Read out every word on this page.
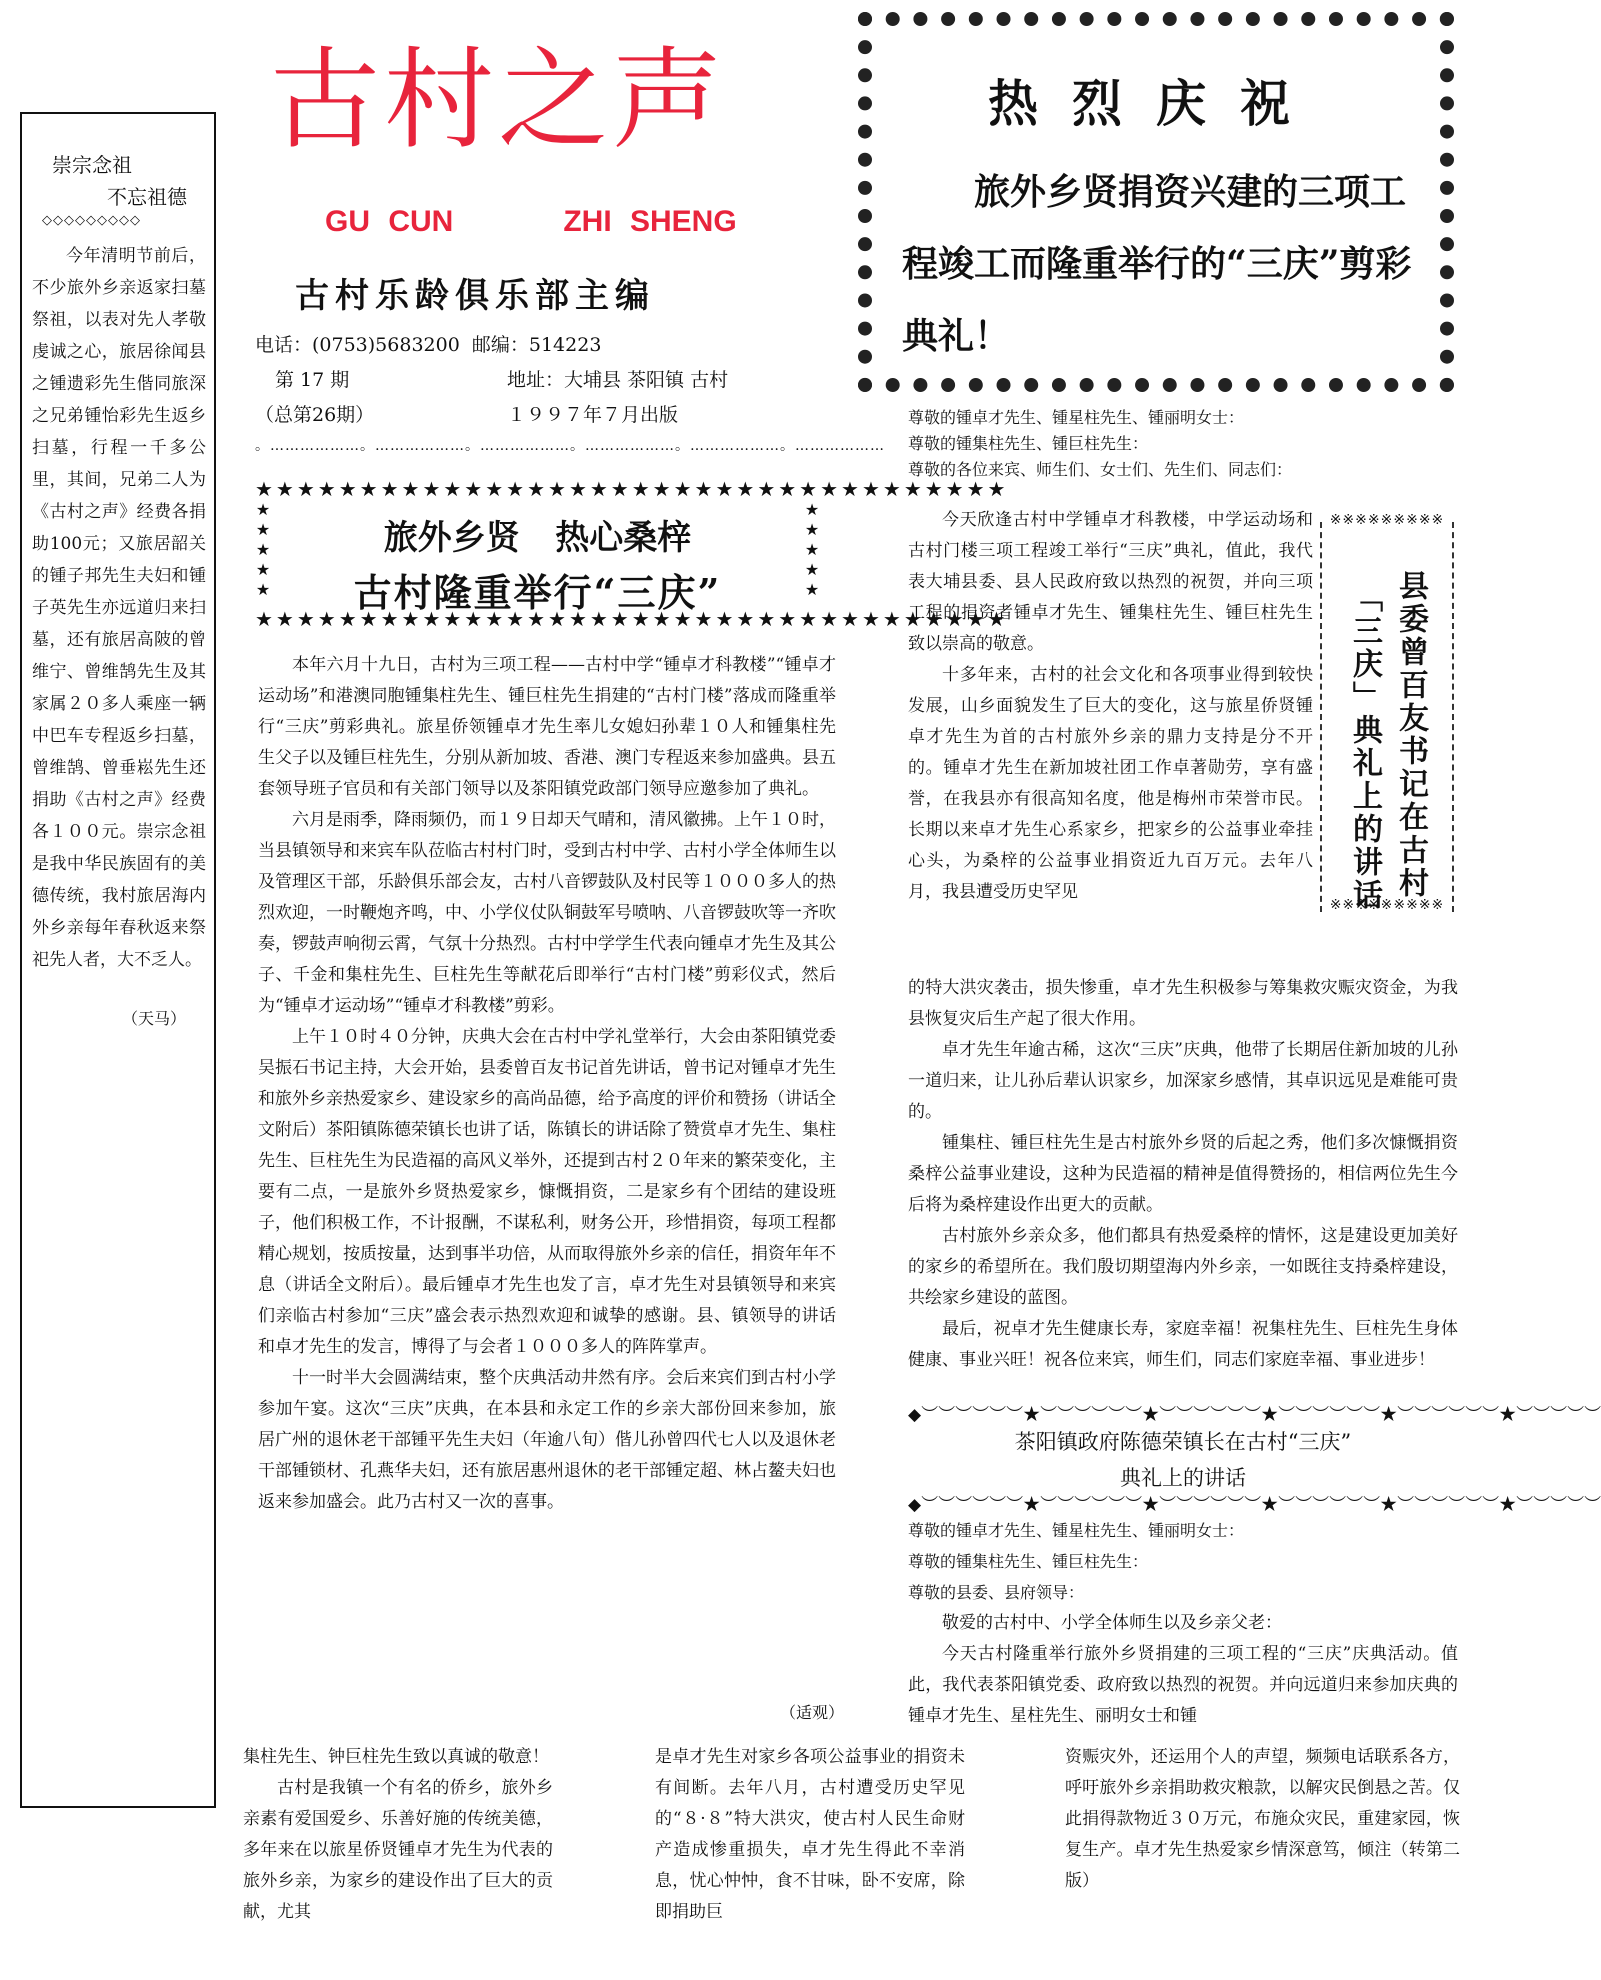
崇宗念祖
不忘祖德
◇◇◇◇◇◇◇◇◇

今年清明节前后，不少旅外乡亲返家扫墓祭祖，以表对先人孝敬虔诚之心，旅居徐闻县之锺遗彩先生偕同旅深之兄弟锺怡彩先生返乡扫墓，行程一千多公里，其间，兄弟二人为《古村之声》经费各捐助100元；又旅居韶关的锺子邦先生夫妇和锺子英先生亦远道归来扫墓，还有旅居高陂的曾维宁、曾维鹄先生及其家属２０多人乘座一辆中巴车专程返乡扫墓，曾维鹄、曾垂崧先生还捐助《古村之声》经费各１００元。崇宗念祖是我中华民族固有的美德传统，我村旅居海内外乡亲每年春秋返来祭祀先人者，大不乏人。

（天马）
古村之声
GU CUN      ZHI SHENG
古村乐龄俱乐部主编
电话：(0753)5683200  邮编：514223
第 17 期	地址：大埔县 茶阳镇 古村
（总第26期）	１９９７年７月出版
。………………。………………。………………。………………。………………。………………
★★★★★★★★★★★★★★★★★★★★★★★★★★★★★★★★★★★★
★★★★★★★★★★★★★★★★★★★★★★★★★★★★★★★★★★★★
★
★
★
★
★
★
★
★
★
★
旅外乡贤   热心桑梓
古村隆重举行“三庆”

本年六月十九日，古村为三项工程——古村中学“锺卓才科教楼”“锺卓才运动场”和港澳同胞锺集柱先生、锺巨柱先生捐建的“古村门楼”落成而隆重举行“三庆”剪彩典礼。旅星侨领锺卓才先生率儿女媳妇孙辈１０人和锺集柱先生父子以及锺巨柱先生，分别从新加坡、香港、澳门专程返来参加盛典。县五套领导班子官员和有关部门领导以及茶阳镇党政部门领导应邀参加了典礼。

六月是雨季，降雨频仍，而１９日却天气晴和，清风徽拂。上午１０时，当县镇领导和来宾车队莅临古村村门时，受到古村中学、古村小学全体师生以及管理区干部，乐龄俱乐部会友，古村八音锣鼓队及村民等１０００多人的热烈欢迎，一时鞭炮齐鸣，中、小学仪仗队铜鼓军号喷呐、八音锣鼓吹等一齐吹奏，锣鼓声响彻云霄，气氛十分热烈。古村中学学生代表向锺卓才先生及其公子、千金和集柱先生、巨柱先生等献花后即举行“古村门楼”剪彩仪式，然后为“锺卓才运动场”“锺卓才科教楼”剪彩。

上午１０时４０分钟，庆典大会在古村中学礼堂举行，大会由茶阳镇党委吴振石书记主持，大会开始，县委曾百友书记首先讲话，曾书记对锺卓才先生和旅外乡亲热爱家乡、建设家乡的高尚品德，给予高度的评价和赞扬（讲话全文附后）茶阳镇陈德荣镇长也讲了话，陈镇长的讲话除了赞赏卓才先生、集柱先生、巨柱先生为民造福的高风义举外，还提到古村２０年来的繁荣变化，主要有二点，一是旅外乡贤热爱家乡，慷慨捐资，二是家乡有个团结的建设班子，他们积极工作，不计报酬，不谋私利，财务公开，珍惜捐资，每项工程都精心规划，按质按量，达到事半功倍，从而取得旅外乡亲的信任，捐资年年不息（讲话全文附后）。最后锺卓才先生也发了言，卓才先生对县镇领导和来宾们亲临古村参加“三庆”盛会表示热烈欢迎和诚挚的感谢。县、镇领导的讲话和卓才先生的发言，博得了与会者１０００多人的阵阵掌声。

十一时半大会圆满结束，整个庆典活动井然有序。会后来宾们到古村小学参加午宴。这次“三庆”庆典，在本县和永定工作的乡亲大部份回来参加，旅居广州的退休老干部锺平先生夫妇（年逾八旬）偕儿孙曾四代七人以及退休老干部锺锁材、孔燕华夫妇，还有旅居惠州退休的老干部锺定超、林占鳌夫妇也返来参加盛会。此乃古村又一次的喜事。

（适观）
热烈庆祝
旅外乡贤捐资兴建的三项工程竣工而隆重举行的“三庆”剪彩典礼！
尊敬的锺卓才先生、锺星柱先生、锺丽明女士：
尊敬的锺集柱先生、锺巨柱先生：
尊敬的各位来宾、师生们、女士们、先生们、同志们：
※※※※※※※※※
※※※※※※※※※
县委曾百友书记在古村
「三庆」典礼上的讲话

今天欣逢古村中学锺卓才科教楼，中学运动场和古村门楼三项工程竣工举行“三庆”典礼，值此，我代表大埔县委、县人民政府致以热烈的祝贺，并向三项工程的捐资者锺卓才先生、锺集柱先生、锺巨柱先生致以崇高的敬意。

十多年来，古村的社会文化和各项事业得到较快发展，山乡面貌发生了巨大的变化，这与旅星侨贤锺卓才先生为首的古村旅外乡亲的鼎力支持是分不开的。锺卓才先生在新加坡社团工作卓著勋劳，享有盛誉，在我县亦有很高知名度，他是梅州市荣誉市民。长期以来卓才先生心系家乡，把家乡的公益事业牵挂心头，为桑梓的公益事业捐资近九百万元。去年八月，我县遭受历史罕见

的特大洪灾袭击，损失惨重，卓才先生积极参与筹集救灾赈灾资金，为我县恢复灾后生产起了很大作用。

卓才先生年逾古稀，这次“三庆”庆典，他带了长期居住新加坡的儿孙一道归来，让儿孙后辈认识家乡，加深家乡感情，其卓识远见是难能可贵的。

锺集柱、锺巨柱先生是古村旅外乡贤的后起之秀，他们多次慷慨捐资桑梓公益事业建设，这种为民造福的精神是值得赞扬的，相信两位先生今后将为桑梓建设作出更大的贡献。

古村旅外乡亲众多，他们都具有热爱桑梓的情怀，这是建设更加美好的家乡的希望所在。我们殷切期望海内外乡亲，一如既往支持桑梓建设，共绘家乡建设的蓝图。

最后，祝卓才先生健康长寿，家庭幸福！祝集柱先生、巨柱先生身体健康、事业兴旺！祝各位来宾，师生们，同志们家庭幸福、事业进步！

◆︶︶︶︶︶︶★︶︶︶︶︶︶★︶︶︶︶︶︶★︶︶︶︶︶︶★︶︶︶︶︶︶★︶︶︶︶︶
茶阳镇政府陈德荣镇长在古村“三庆”
典礼上的讲话
◆︶︶︶︶︶︶★︶︶︶︶︶︶★︶︶︶︶︶︶★︶︶︶︶︶︶★︶︶︶︶︶︶★︶︶︶︶︶
尊敬的锺卓才先生、锺星柱先生、锺丽明女士：
尊敬的锺集柱先生、锺巨柱先生：
尊敬的县委、县府领导：

敬爱的古村中、小学全体师生以及乡亲父老：

今天古村隆重举行旅外乡贤捐建的三项工程的“三庆”庆典活动。值此，我代表茶阳镇党委、政府致以热烈的祝贺。并向远道归来参加庆典的锺卓才先生、星柱先生、丽明女士和锺

集柱先生、钟巨柱先生致以真诚的敬意！

古村是我镇一个有名的侨乡，旅外乡亲素有爱国爱乡、乐善好施的传统美德，多年来在以旅星侨贤锺卓才先生为代表的旅外乡亲，为家乡的建设作出了巨大的贡献，尤其

是卓才先生对家乡各项公益事业的捐资未有间断。去年八月，古村遭受历史罕见的“８·８”特大洪灾，使古村人民生命财产造成惨重损失，卓才先生得此不幸消息，忧心忡忡，食不甘味，卧不安席，除即捐助巨

资赈灾外，还运用个人的声望，频频电话联系各方，呼吁旅外乡亲捐助救灾粮款，以解灾民倒悬之苦。仅此捐得款物近３０万元，布施众灾民，重建家园，恢复生产。卓才先生热爱家乡情深意笃，倾注（转第二版）
